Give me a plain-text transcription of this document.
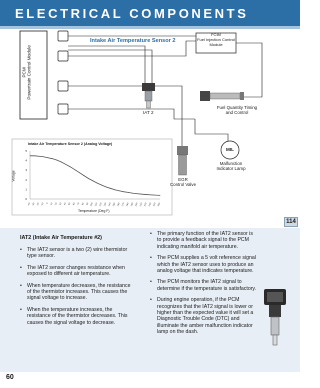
ELECTRICAL COMPONENTS
PCM
Powertrain Control Module
Intake Air Temperature Sensor 2
FCIM
Fuel Injection Control
Module
IAT 2
Fuel Quantity Timing
and Control
MIL
Malfunction
Indicator Lamp
EGR
Control Valve
Intake Air Temperature Sensor 2 (Analog Voltage)
Voltage
Temperature (Deg F)
5
4
3
2
1
0
-40 -30 -20 -10 0 10 20 30 40 50 60 70 80 90 100 110 120 130 140 150 160 170 180 190 200 210 220 230 240 250
114
IAT2 (Intake Air Temperature #2)
• The IAT2 sensor is a two (2) wire thermistor type sensor.
• The IAT2 sensor changes resistance when exposed to different air temperature.
• When temperature decreases, the resistance of the thermistor increases. This causes the signal voltage to increase.
• When the temperature increases, the resistance of the thermistor decreases. This causes the signal voltage to decrease.
• The primary function of the IAT2 sensor is to provide a feedback signal to the PCM indicating manifold air temperature.
• The PCM supplies a 5 volt reference signal which the IAT2 sensor uses to produce an analog voltage that indicates temperature.
• The PCM monitors the IAT2 signal to determine if the temperature is satisfactory.
• During engine operation, if the PCM recognizes that the IAT2 signal is lower or higher than the expected value it will set a Diagnostic Trouble Code (DTC) and illuminate the amber malfunction indicator lamp on the dash.
60
